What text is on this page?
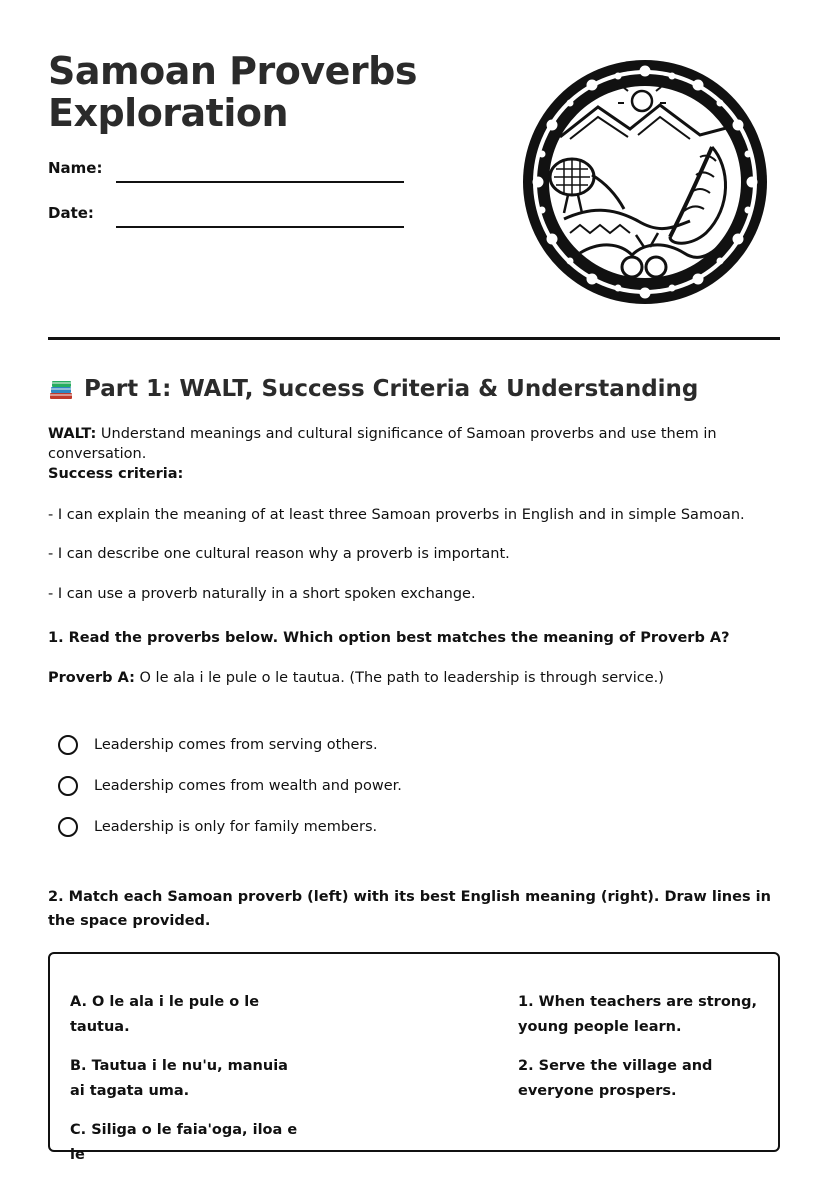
Samoan Proverbs
Exploration
Name:
Date:
Part 1: WALT, Success Criteria & Understanding

WALT: Understand meanings and cultural significance of Samoan proverbs and use them in conversation.

Success criteria:

- I can explain the meaning of at least three Samoan proverbs in English and in simple Samoan.

- I can describe one cultural reason why a proverb is important.

- I can use a proverb naturally in a short spoken exchange.

1. Read the proverbs below. Which option best matches the meaning of Proverb A?

Proverb A: O le ala i le pule o le tautua. (The path to leadership is through service.)

Leadership comes from serving others.
Leadership comes from wealth and power.
Leadership is only for family members.

2. Match each Samoan proverb (left) with its best English meaning (right). Draw lines in the space provided.

A. O le ala i le pule o le tautua.

B. Tautua i le nu'u, manuia ai tagata uma.

C. Siliga o le faia'oga, iloa e le

1. When teachers are strong, young people learn.

2. Serve the village and everyone prospers.
